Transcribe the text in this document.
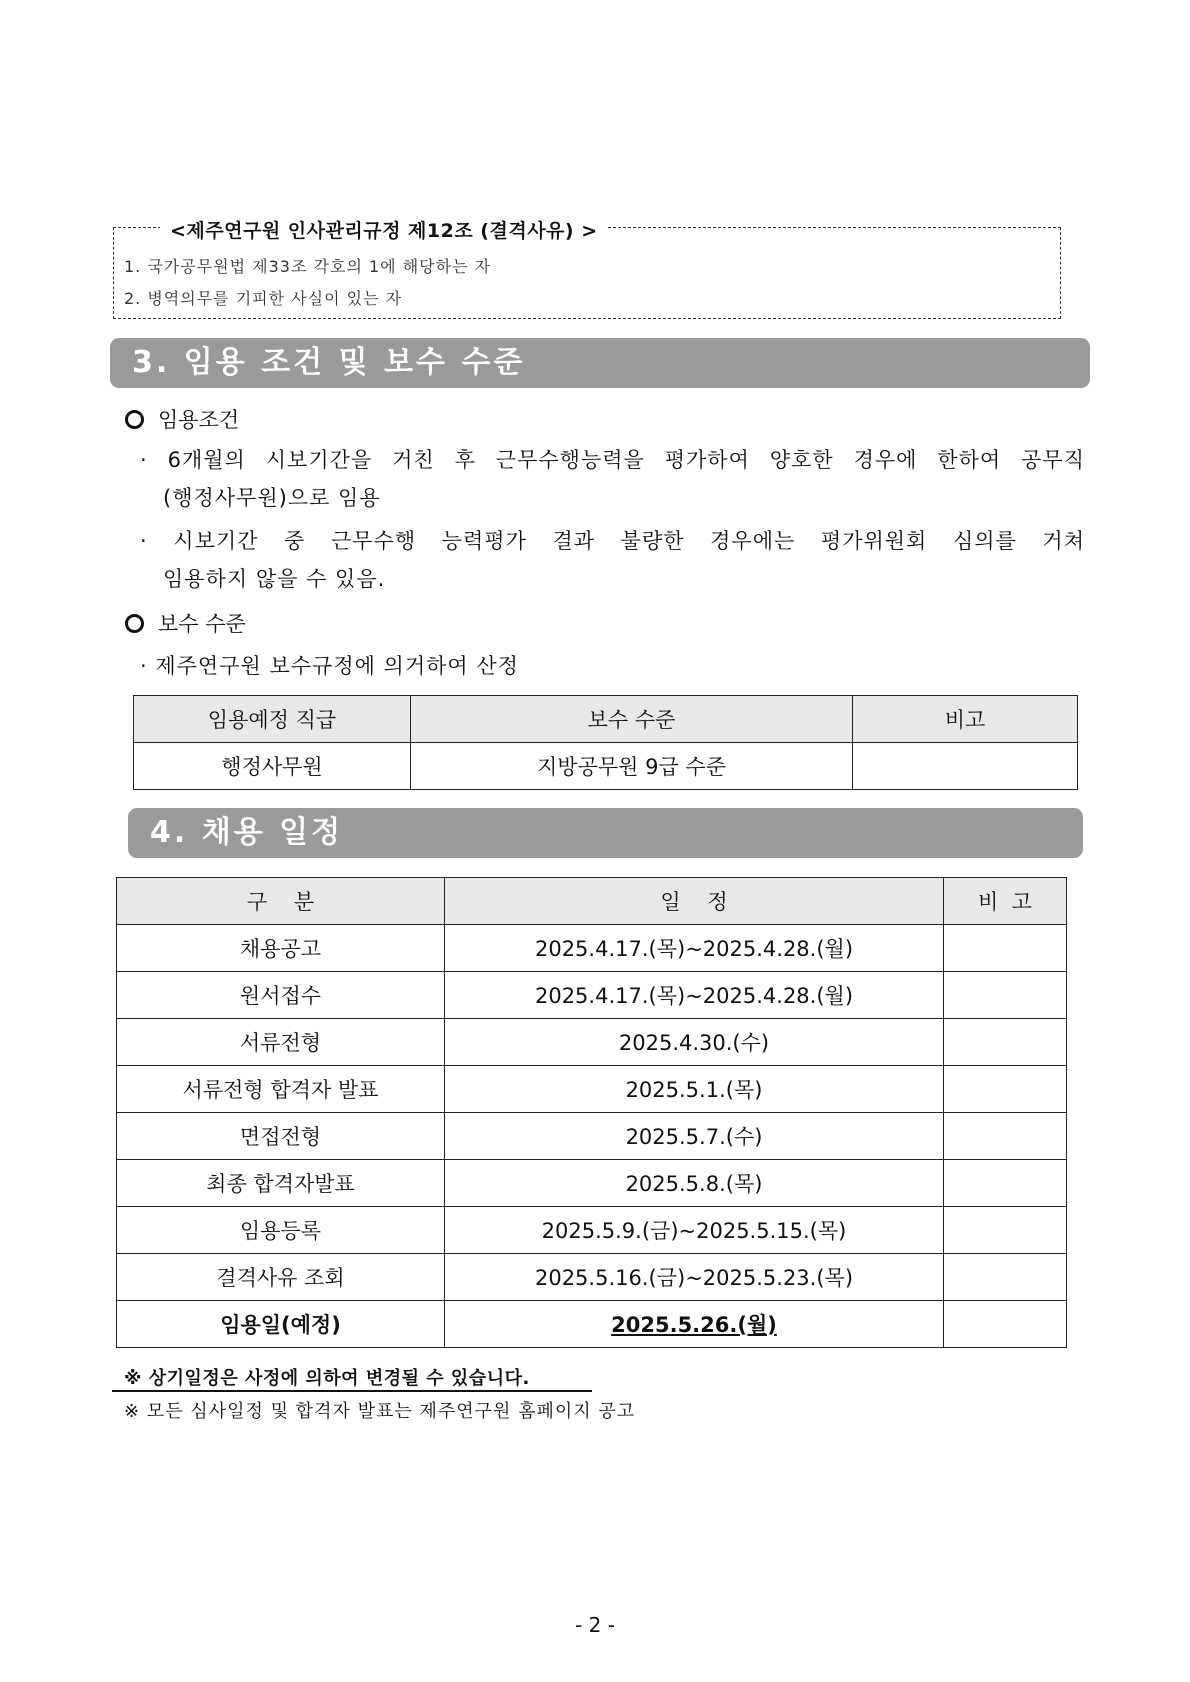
<제주연구원 인사관리규정 제12조 (결격사유) >
1. 국가공무원법 제33조 각호의 1에 해당하는 자
2. 병역의무를 기피한 사실이 있는 자
3. 임용 조건 및 보수 수준
임용조건
· 6개월의 시보기간을 거친 후 근무수행능력을 평가하여 양호한 경우에 한하여 공무직
(행정사무원)으로 임용
· 시보기간 중 근무수행 능력평가 결과 불량한 경우에는 평가위원회 심의를 거쳐
임용하지 않을 수 있음.
보수 수준
· 제주연구원 보수규정에 의거하여 산정
임용예정 직급	보수 수준	비고
행정사무원	지방공무원 9급 수준	
4. 채용 일정
구    분	일    정	비  고
채용공고	2025.4.17.(목)~2025.4.28.(월)	
원서접수	2025.4.17.(목)~2025.4.28.(월)	
서류전형	2025.4.30.(수)	
서류전형 합격자 발표	2025.5.1.(목)	
면접전형	2025.5.7.(수)	
최종 합격자발표	2025.5.8.(목)	
임용등록	2025.5.9.(금)~2025.5.15.(목)	
결격사유 조회	2025.5.16.(금)~2025.5.23.(목)	
임용일(예정)	2025.5.26.(월)	
※ 상기일정은 사정에 의하여 변경될 수 있습니다.
※ 모든 심사일정 및 합격자 발표는 제주연구원 홈페이지 공고
- 2 -
